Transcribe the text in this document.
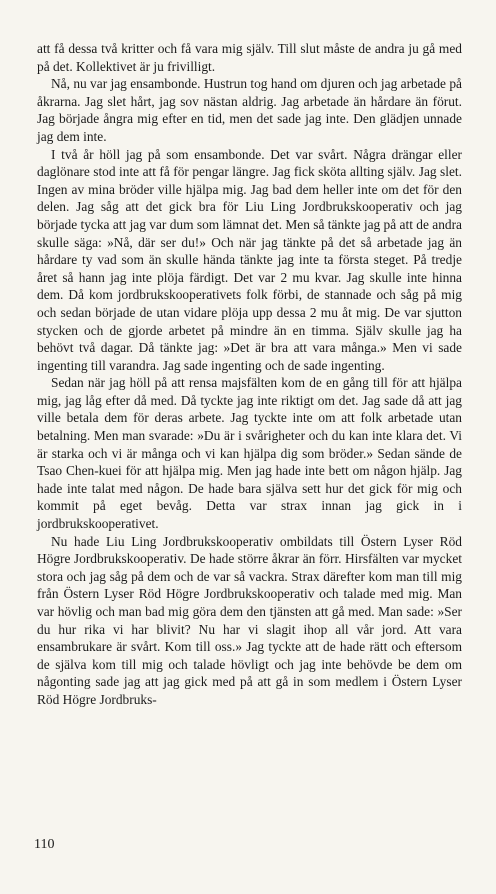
att få dessa två kritter och få vara mig själv. Till slut måste de andra ju gå med på det. Kollektivet är ju frivilligt.

Nå, nu var jag ensambonde. Hustrun tog hand om djuren och jag arbetade på åkrarna. Jag slet hårt, jag sov nästan aldrig. Jag arbetade än hårdare än förut. Jag började ångra mig efter en tid, men det sade jag inte. Den glädjen unnade jag dem inte.

I två år höll jag på som ensambonde. Det var svårt. Några drängar eller daglönare stod inte att få för pengar längre. Jag fick sköta allting själv. Jag slet. Ingen av mina bröder ville hjälpa mig. Jag bad dem heller inte om det för den delen. Jag såg att det gick bra för Liu Ling Jordbrukskooperativ och jag började tycka att jag var dum som lämnat det. Men så tänkte jag på att de andra skulle säga: »Nå, där ser du!» Och när jag tänkte på det så arbetade jag än hårdare ty vad som än skulle hända tänkte jag inte ta första steget. På tredje året så hann jag inte plöja färdigt. Det var 2 mu kvar. Jag skulle inte hinna dem. Då kom jordbrukskooperativets folk förbi, de stannade och såg på mig och sedan började de utan vidare plöja upp dessa 2 mu åt mig. De var sjutton stycken och de gjorde arbetet på mindre än en timma. Själv skulle jag ha behövt två dagar. Då tänkte jag: »Det är bra att vara många.» Men vi sade ingenting till varandra. Jag sade ingenting och de sade ingenting.

Sedan när jag höll på att rensa majsfälten kom de en gång till för att hjälpa mig, jag låg efter då med. Då tyckte jag inte riktigt om det. Jag sade då att jag ville betala dem för deras arbete. Jag tyckte inte om att folk arbetade utan betalning. Men man svarade: »Du är i svårigheter och du kan inte klara det. Vi är starka och vi är många och vi kan hjälpa dig som bröder.» Sedan sände de Tsao Chen-kuei för att hjälpa mig. Men jag hade inte bett om någon hjälp. Jag hade inte talat med någon. De hade bara själva sett hur det gick för mig och kommit på eget bevåg. Detta var strax innan jag gick in i jordbrukskooperativet.

Nu hade Liu Ling Jordbrukskooperativ ombildats till Östern Lyser Röd Högre Jordbrukskooperativ. De hade större åkrar än förr. Hirsfälten var mycket stora och jag såg på dem och de var så vackra. Strax därefter kom man till mig från Östern Lyser Röd Högre Jordbrukskooperativ och talade med mig. Man var hövlig och man bad mig göra dem den tjänsten att gå med. Man sade: »Ser du hur rika vi har blivit? Nu har vi slagit ihop all vår jord. Att vara ensambrukare är svårt. Kom till oss.» Jag tyckte att de hade rätt och eftersom de själva kom till mig och talade hövligt och jag inte behövde be dem om någonting sade jag att jag gick med på att gå in som medlem i Östern Lyser Röd Högre Jordbruks-

110
